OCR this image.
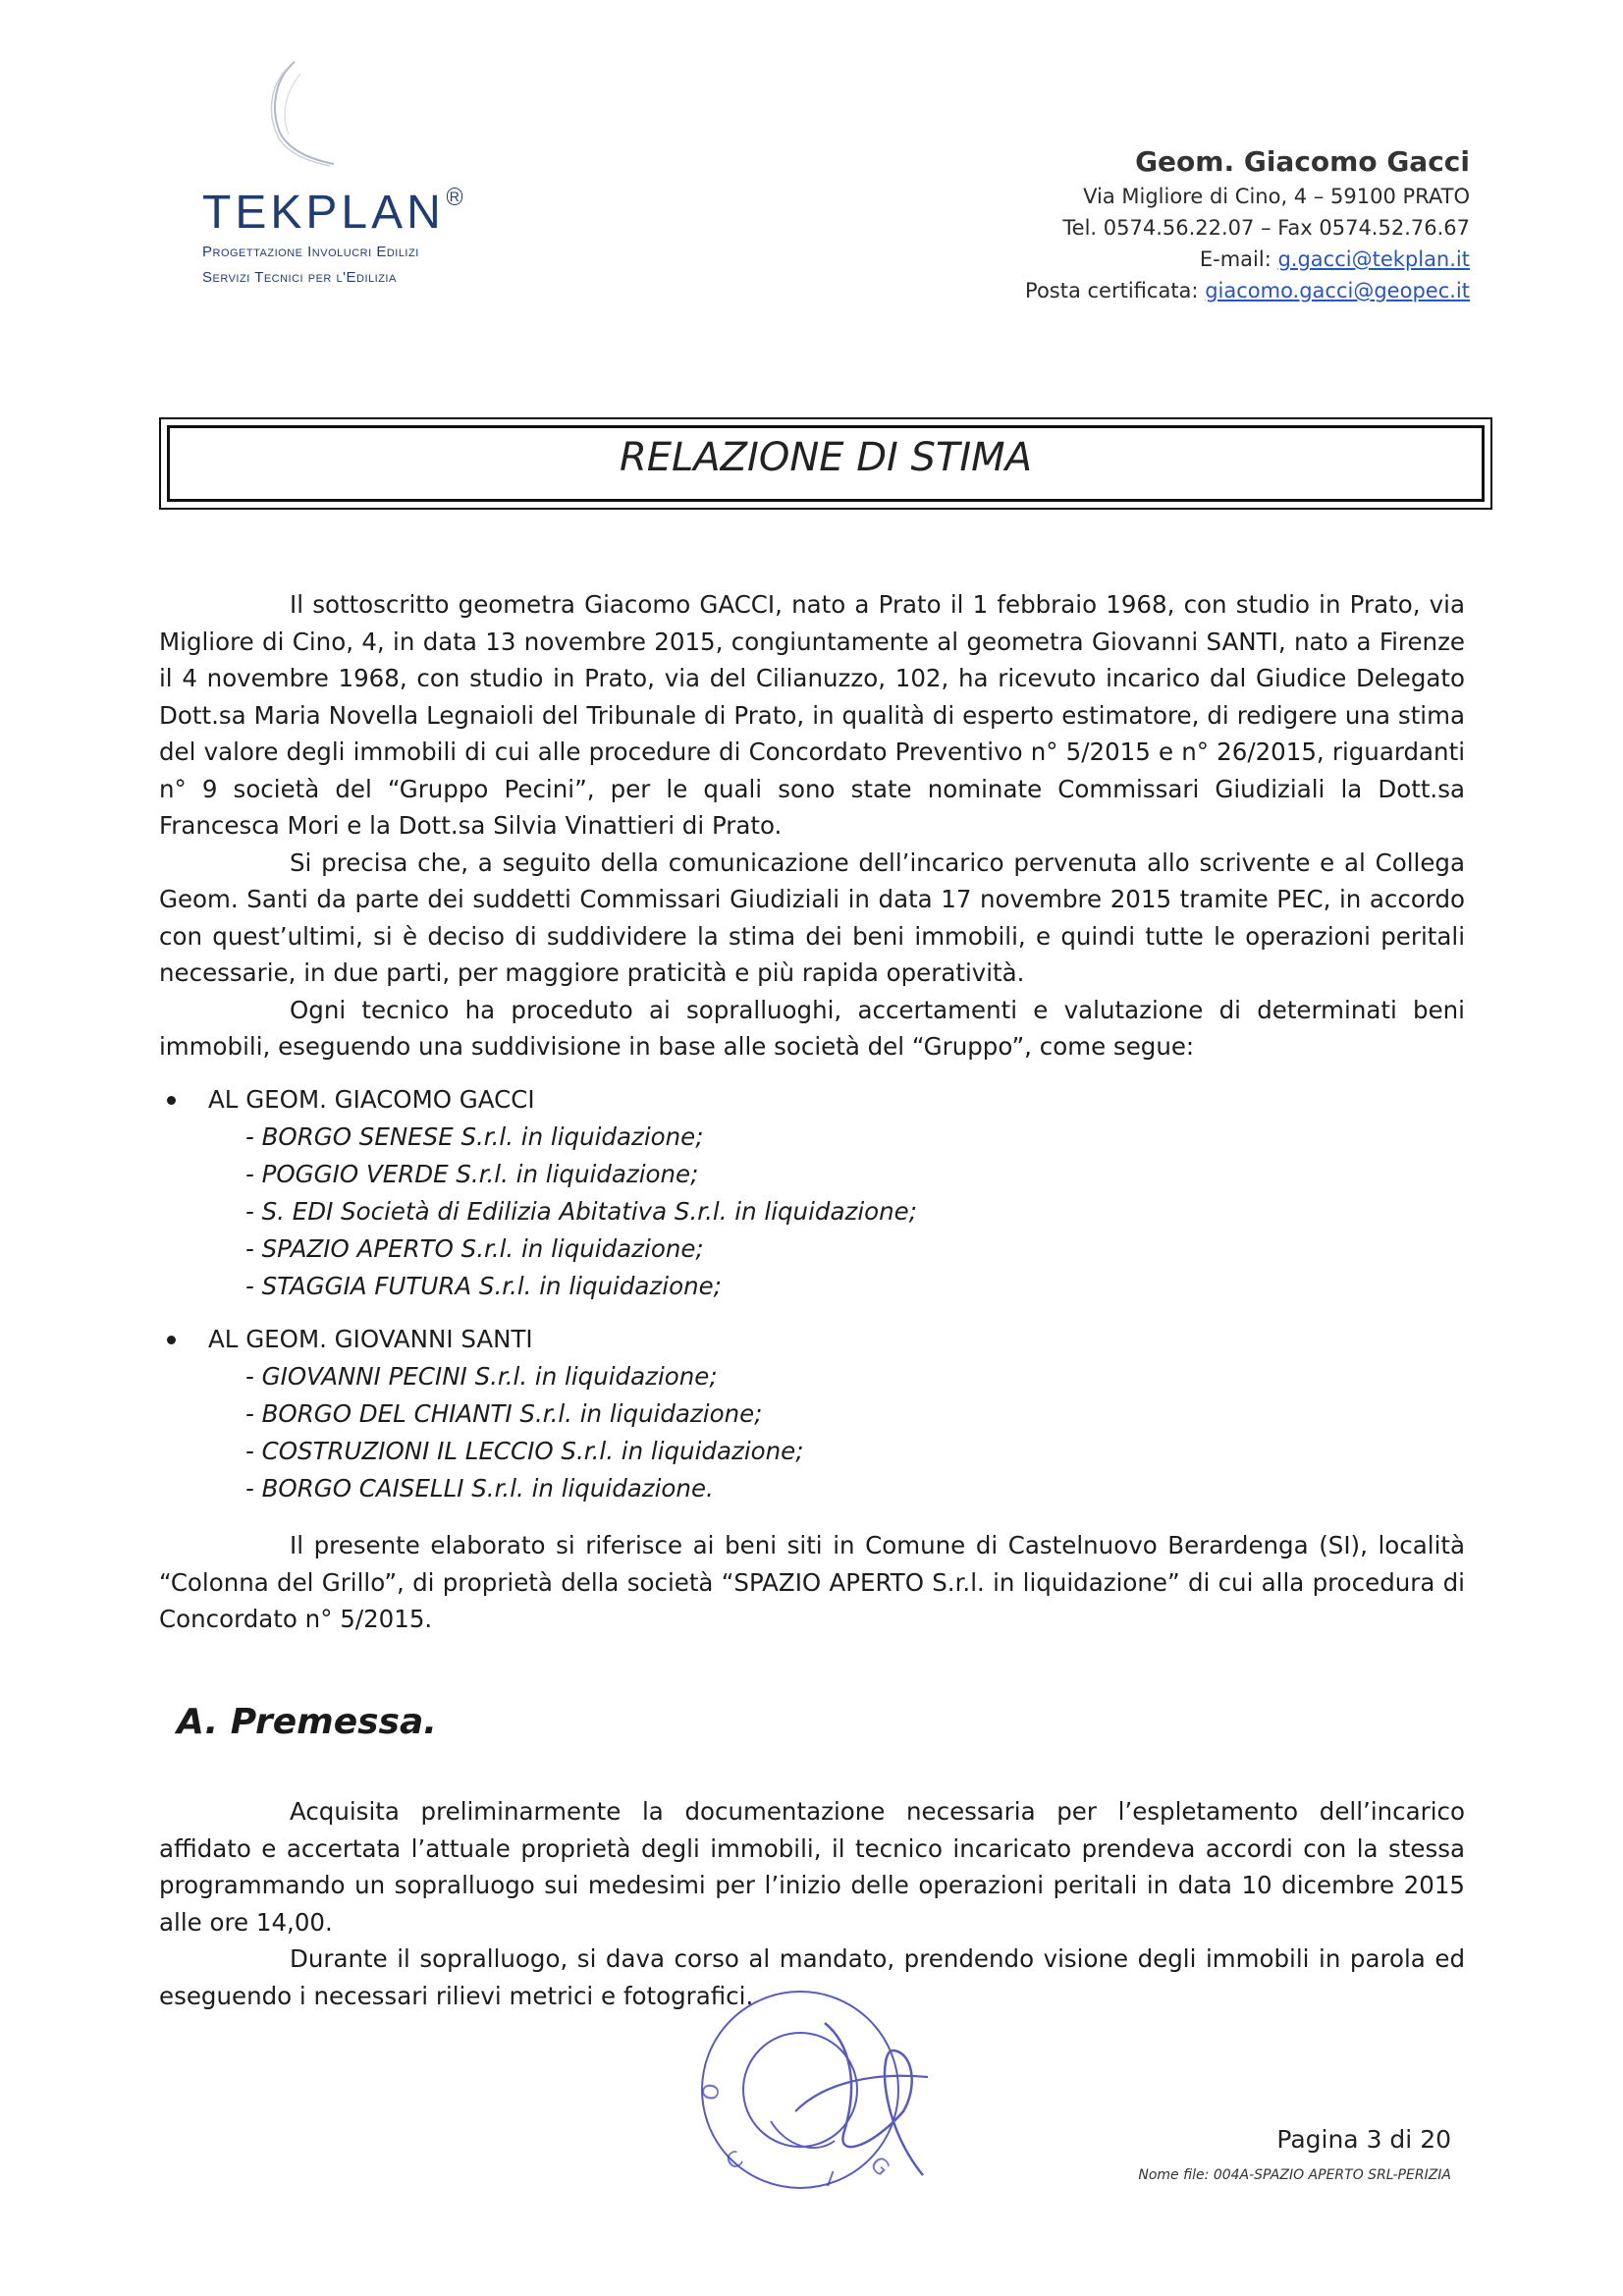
TEKPLAN $^R$
Progettazione Involucri Edilizi
Servizi Tecnici per l'Edilizia
Geom. Giacomo Gacci
Via Migliore di Cino, 4 – 59100 PRATO
Tel. 0574.56.22.07 – Fax 0574.52.76.67
E-mail: g.gacci@tekplan.it
Posta certificata: giacomo.gacci@geopec.it
RELAZIONE DI STIMA

Il sottoscritto geometra Giacomo GACCI, nato a Prato il 1 febbraio 1968, con studio in Prato, via Migliore di Cino, 4, in data 13 novembre 2015, congiuntamente al geometra Giovanni SANTI, nato a Firenze il 4 novembre 1968, con studio in Prato, via del Cilianuzzo, 102, ha ricevuto incarico dal Giudice Delegato Dott.sa Maria Novella Legnaioli del Tribunale di Prato, in qualità di esperto estimatore, di redigere una stima del valore degli immobili di cui alle procedure di Concordato Preventivo n° 5/2015 e n° 26/2015, riguardanti n° 9 società del “Gruppo Pecini”, per le quali sono state nominate Commissari Giudiziali la Dott.sa Francesca Mori e la Dott.sa Silvia Vinattieri di Prato.

Si precisa che, a seguito della comunicazione dell’incarico pervenuta allo scrivente e al Collega Geom. Santi da parte dei suddetti Commissari Giudiziali in data 17 novembre 2015 tramite PEC, in accordo con quest’ultimi, si è deciso di suddividere la stima dei beni immobili, e quindi tutte le operazioni peritali necessarie, in due parti, per maggiore praticità e più rapida operatività.

Ogni tecnico ha proceduto ai sopralluoghi, accertamenti e valutazione di determinati beni immobili, eseguendo una suddivisione in base alle società del “Gruppo”, come segue:

AL GEOM. GIACOMO GACCI
- BORGO SENESE S.r.l. in liquidazione;
- POGGIO VERDE S.r.l. in liquidazione;
- S. EDI Società di Edilizia Abitativa S.r.l. in liquidazione;
- SPAZIO APERTO S.r.l. in liquidazione;
- STAGGIA FUTURA S.r.l. in liquidazione;
AL GEOM. GIOVANNI SANTI
- GIOVANNI PECINI S.r.l. in liquidazione;
- BORGO DEL CHIANTI S.r.l. in liquidazione;
- COSTRUZIONI IL LECCIO S.r.l. in liquidazione;
- BORGO CAISELLI S.r.l. in liquidazione.

Il presente elaborato si riferisce ai beni siti in Comune di Castelnuovo Berardenga (SI), località “Colonna del Grillo”, di proprietà della società “SPAZIO APERTO S.r.l. in liquidazione” di cui alla procedura di Concordato n° 5/2015.

A. Premessa.

Acquisita preliminarmente la documentazione necessaria per l’espletamento dell’incarico affidato e accertata l’attuale proprietà degli immobili, il tecnico incaricato prendeva accordi con la stessa programmando un sopralluogo sui medesimi per l’inizio delle operazioni peritali in data 10 dicembre 2015 alle ore 14,00.

Durante il sopralluogo, si dava corso al mandato, prendendo visione degli immobili in parola ed eseguendo i necessari rilievi metrici e fotografici.

O
C
I G
Pagina 3 di 20
Nome file: 004A-SPAZIO APERTO SRL-PERIZIA
